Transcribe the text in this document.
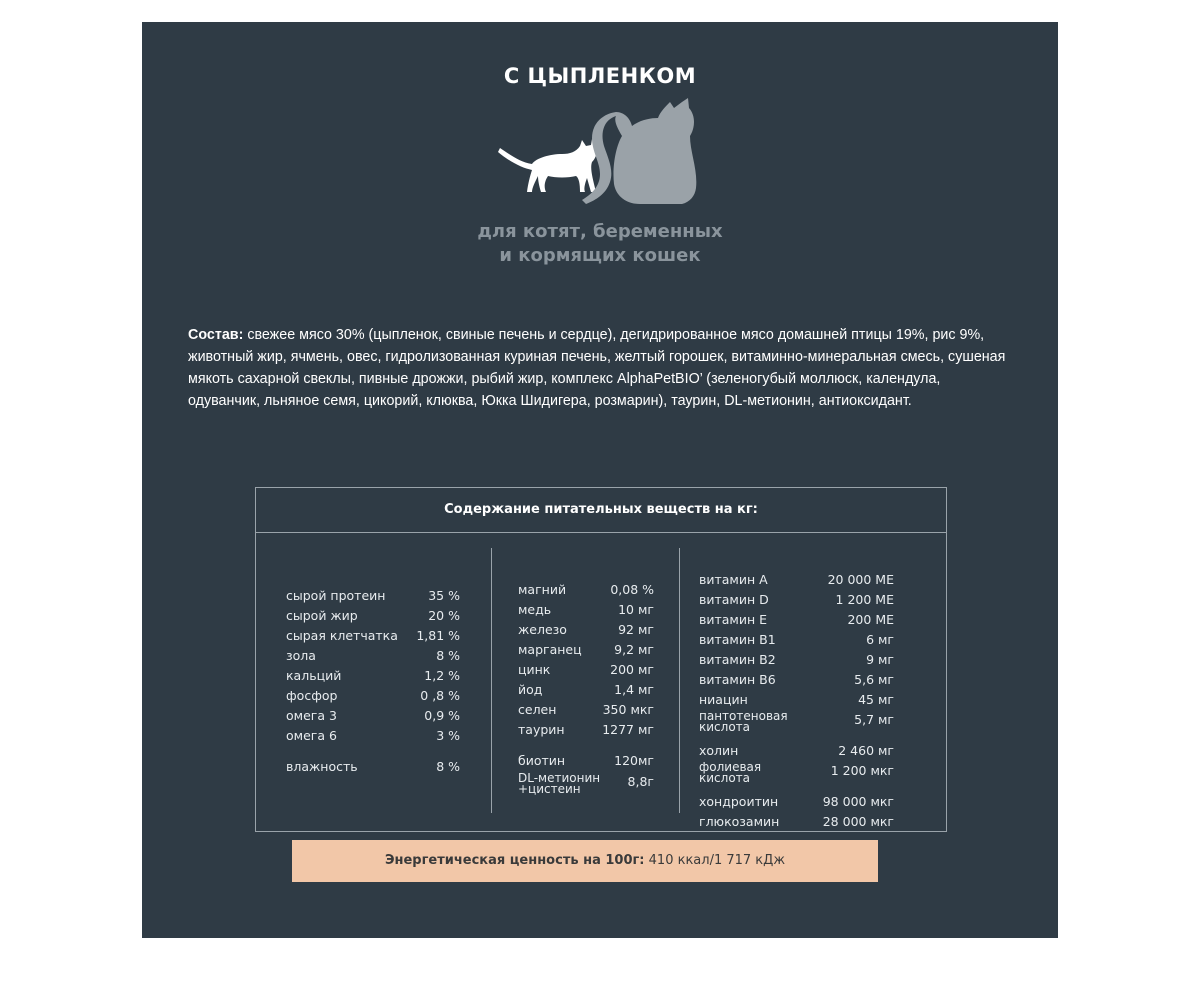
С ЦЫПЛЕНКОМ
для котят, беременных
и кормящих кошек
Состав: свежее мясо 30% (цыпленок, свиные печень и сердце), дегидрированное мясо домашней птицы 19%, рис 9%, животный жир, ячмень, овес, гидролизованная куриная печень, желтый горошек, витаминно-минеральная смесь, сушеная мякоть сахарной свеклы, пивные дрожжи, рыбий жир, комплекс AlphaPetBIO’ (зеленогубый моллюск, календула, одуванчик, льняное семя, цикорий, клюква, Юкка Шидигера, розмарин), таурин, DL-метионин, антиоксидант.
Содержание питательных веществ на кг:
сырой протеин	35 %
сырой жир	20 %
сырая клетчатка 1,81 %
зола	8 %
кальций	1,2 %
фосфор	0 ,8 %
омега 3	0,9 %
омега 6	3 %
влажность	8 %
магний	0,08 %
медь	10 мг
железо	92 мг
марганец	9,2 мг
цинк	200 мг
йод	1,4 мг
селен	350 мкг
таурин	1277 мг
биотин	120мг
DL-метионин
+цистеин	8,8г
витамин А	20 000 МЕ
витамин D	1 200 МЕ
витамин Е	200 МЕ
витамин В1	6 мг
витамин В2	9 мг
витамин В6	5,6 мг
ниацин	45 мг
пантотеновая
кислота	5,7 мг
холин	2 460 мг
фолиевая
кислота	1 200 мкг
хондроитин	98 000 мкг
глюкозамин	28 000 мкг
Энергетическая ценность на 100г: 410 ккал/1 717 кДж
